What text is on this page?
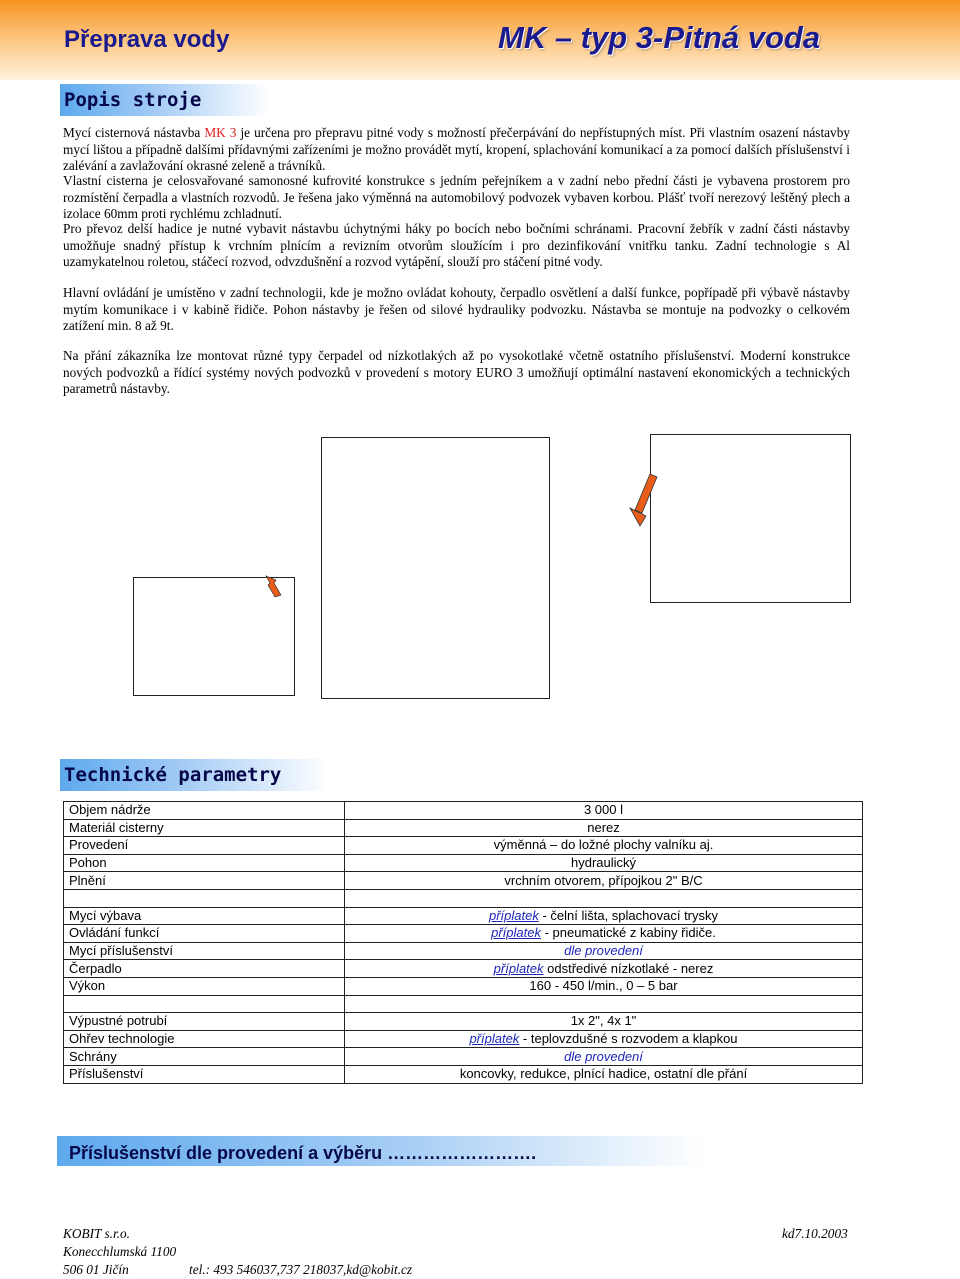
Přeprava vody	MK – typ 3-Pitná voda
Popis stroje
Mycí cisternová nástavba MK 3 je určena pro přepravu pitné vody s možností přečerpávání do nepřístupných míst. Při vlastním osazení nástavby mycí lištou a případně dalšími přídavnými zařízeními je možno provádět mytí, kropení, splachování komunikací a za pomocí dalších příslušenství i zalévání a zavlažování okrasné zeleně a trávníků.
Vlastní cisterna je celosvařované samonosné kufrovité konstrukce s jedním peřejníkem a v zadní nebo přední části je vybavena prostorem pro rozmístění čerpadla a vlastních rozvodů. Je řešena jako výměnná na automobilový podvozek vybaven korbou. Plášť tvoří nerezový leštěný plech a izolace 60mm proti rychlému zchladnutí.
Pro převoz delší hadice je nutné vybavit nástavbu úchytnými háky po bocích nebo bočními schránami. Pracovní žebřík v zadní části nástavby umožňuje snadný přístup k vrchním plnícím a revizním otvorům sloužícím i pro dezinfikování vnitřku tanku. Zadní technologie s Al uzamykatelnou roletou, stáčecí rozvod, odvzdušnění a rozvod vytápění, slouží pro stáčení pitné vody.
Hlavní ovládání je umístěno v zadní technologii, kde je možno ovládat kohouty, čerpadlo osvětlení a další funkce, popřípadě při výbavě nástavby mytím komunikace i v kabině řidiče. Pohon nástavby je řešen od silové hydrauliky podvozku. Nástavba se montuje na podvozky o celkovém zatížení min. 8 až 9t.
Na přání zákazníka lze montovat různé typy čerpadel od nízkotlakých až po vysokotlaké včetně ostatního příslušenství. Moderní konstrukce nových podvozků a řídící systémy nových podvozků v provedení s motory EURO 3 umožňují optimální nastavení ekonomických a technických parametrů nástavby.
Technické parametry
Objem nádrže	3 000 l
Materiál cisterny	nerez
Provedení	výměnná – do ložné plochy valníku aj.
Pohon	hydraulický
Plnění	vrchním otvorem, přípojkou 2" B/C

Mycí výbava	příplatek - čelní lišta, splachovací trysky
Ovládání funkcí	příplatek - pneumatické z kabiny řidiče.
Mycí příslušenství	dle provedení
Čerpadlo	příplatek odstředivé nízkotlaké - nerez
Výkon	160 - 450 l/min., 0 – 5 bar

Výpustné potrubí	1x 2", 4x 1"
Ohřev technologie	příplatek - teplovzdušné s rozvodem a klapkou
Schrány	dle provedení
Příslušenství	koncovky, redukce, plnící hadice, ostatní dle přání
Příslušenství dle provedení a výběru …………………….
KOBIT s.r.o.
Konecchlumská 1100
506 01 Jičín	tel.: 493 546037,737 218037,kd@kobit.cz
kd7.10.2003
